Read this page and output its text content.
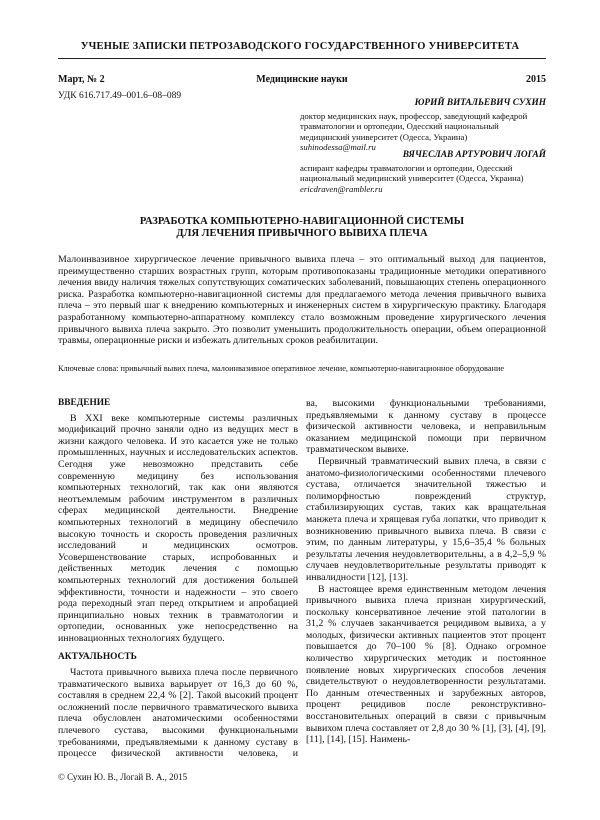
УЧЕНЫЕ ЗАПИСКИ ПЕТРОЗАВОДСКОГО ГОСУДАРСТВЕННОГО УНИВЕРСИТЕТА
Март, № 2	Медицинские науки	2015
УДК 616.717.49–001.6–08–089
ЮРИЙ ВИТАЛЬЕВИЧ СУХИН
доктор медицинских наук, профессор, заведующий кафедрой травматологии и ортопедии, Одесский национальный медицинский университет (Одесса, Украина)
suhinodessa@mail.ru
ВЯЧЕСЛАВ АРТУРОВИЧ ЛОГАЙ
аспирант кафедры травматологии и ортопедии, Одесский национальный медицинский университет (Одесса, Украина)
ericdraven@rambler.ru
РАЗРАБОТКА КОМПЬЮТЕРНО-НАВИГАЦИОННОЙ СИСТЕМЫ
ДЛЯ ЛЕЧЕНИЯ ПРИВЫЧНОГО ВЫВИХА ПЛЕЧА
Малоинвазивное хирургическое лечение привычного вывиха плеча – это оптимальный выход для пациентов, преимущественно старших возрастных групп, которым противопоказаны традиционные методики оперативного лечения ввиду наличия тяжелых сопутствующих соматических заболеваний, повышающих степень операционного риска. Разработка компьютерно-навигационной системы для предлагаемого метода лечения привычного вывиха плеча – это первый шаг к внедрению компьютерных и инженерных систем в хирургическую практику. Благодаря разработанному компьютерно-аппаратному комплексу стало возможным проведение хирургического лечения привычного вывиха плеча закрыто. Это позволит уменьшить продолжительность операции, объем операционной травмы, операционные риски и избежать длительных сроков реабилитации.
Ключевые слова: привычный вывих плеча, малоинвазивное оперативное лечение, компьютерно-навигационное оборудование
ВВЕДЕНИЕ

В XXI веке компьютерные системы различных модификаций прочно заняли одно из ведущих мест в жизни каждого человека. И это касается уже не только промышленных, научных и исследовательских аспектов. Сегодня уже невозможно представить себе современную медицину без использования компьютерных технологий, так как они являются неотъемлемым рабочим инструментом в различных сферах медицинской деятельности. Внедрение компьютерных технологий в медицину обеспечило высокую точность и скорость проведения различных исследований и медицинских осмотров. Усовершенствование старых, испробованных и действенных методик лечения с помощью компьютерных технологий для достижения большей эффективности, точности и надежности – это своего рода переходный этап перед открытием и апробацией принципиально новых техник в травматологии и ортопедии, основанных уже непосредственно на инновационных технологиях будущего.

АКТУАЛЬНОСТЬ

Частота привычного вывиха плеча после первичного травматического вывиха варьирует от 16,3 до 60 %, составляя в среднем 22,4 % [2]. Такой высокий процент осложнений после первичного травматического вывиха плеча обусловлен анатомическими особенностями плечевого сустава, высокими функциональными требованиями, предъявляемыми к данному суставу в процессе физической активности человека, и

ва, высокими функциональными требованиями, предъявляемыми к данному суставу в процессе физической активности человека, и неправильным оказанием медицинской помощи при первичном травматическом вывихе.

Первичный травматический вывих плеча, в связи с анатомо-физиологическими особенностями плечевого сустава, отличается значительной тяжестью и полиморфностью повреждений структур, стабилизирующих сустав, таких как вращательная манжета плеча и хрящевая губа лопатки, что приводит к возникновению привычного вывиха плеча. В связи с этим, по данным литературы, у 15,6–35,4 % больных результаты лечения неудовлетворительны, а в 4,2–5,9 % случаев неудовлетворительные результаты приводят к инвалидности [12], [13].

В настоящее время единственным методом лечения привычного вывиха плеча признан хирургический, поскольку консервативное лечение этой патологии в 31,2 % случаев заканчивается рецидивом вывиха, а у молодых, физически активных пациентов этот процент повышается до 70–100 % [8]. Однако огромное количество хирургических методик и постоянное появление новых хирургических способов лечения свидетельствуют о неудовлетворенности результатами. По данным отечественных и зарубежных авторов, процент рецидивов после реконструктивно-восстановительных операций в связи с привычным вывихом плеча составляет от 2,8 до 30 % [1], [3], [4], [9], [11], [14], [15]. Наимень-

© Сухин Ю. В., Логай В. А., 2015
